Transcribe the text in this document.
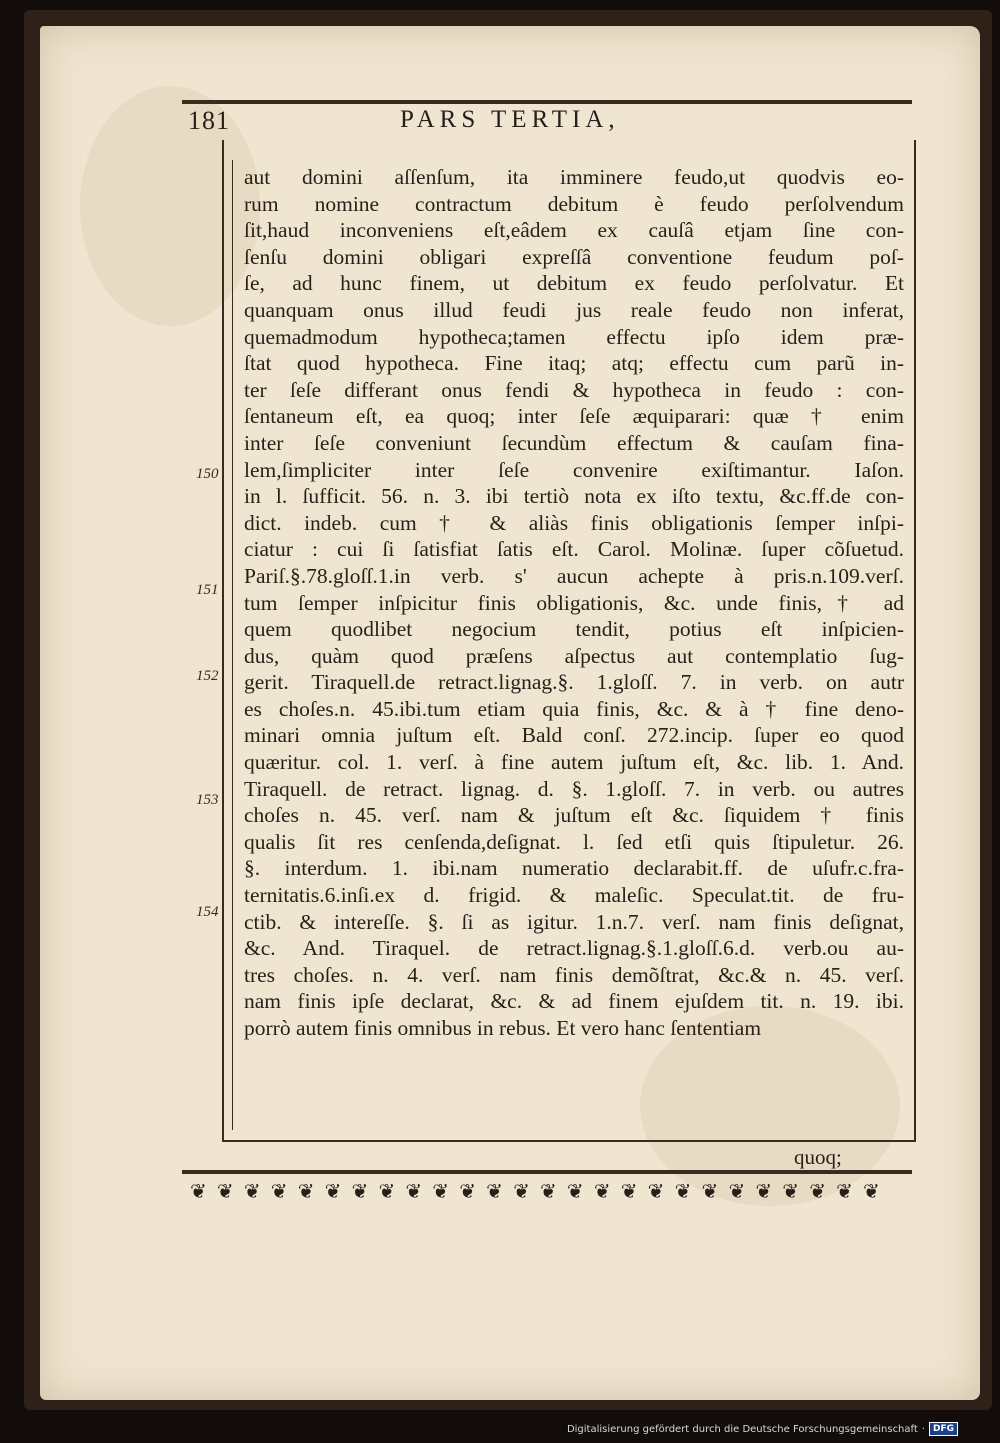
181	PARS TERTIA,
aut domini aſſenſum, ita imminere feudo,ut quodvis eo-
rum nomine contractum debitum è feudo perſolvendum
ſit,haud inconveniens eſt,eâdem ex cauſâ etjam ſine con-
ſenſu domini obligari expreſſâ conventione feudum poſ-
ſe, ad hunc finem, ut debitum ex feudo perſolvatur. Et
quanquam onus illud feudi jus reale feudo non inferat,
quemadmodum hypotheca;tamen effectu ipſo idem præ-
ſtat quod hypotheca. Fine itaq; atq; effectu cum parũ in-
ter ſeſe differant onus fendi & hypotheca in feudo : con-
ſentaneum eſt, ea quoq; inter ſeſe æquiparari: quæ † enim
inter ſeſe conveniunt ſecundùm effectum & cauſam fina-
lem,ſimpliciter inter ſeſe convenire exiſtimantur. Iaſon.
in l. ſufficit. 56. n. 3. ibi tertiò nota ex iſto textu, &c.ff.de con-
dict. indeb. cum † & aliàs finis obligationis ſemper inſpi-
ciatur : cui ſi ſatisfiat ſatis eſt. Carol. Molinæ. ſuper cõſuetud.
Pariſ.§.78.gloſſ.1.in verb. s' aucun achepte à pris.n.109.verſ.
tum ſemper inſpicitur finis obligationis, &c. unde finis,† ad
quem quodlibet negocium tendit, potius eſt inſpicien-
dus, quàm quod præſens aſpectus aut contemplatio ſug-
gerit. Tiraquell.de retract.lignag.§. 1.gloſſ. 7. in verb. on autr
es choſes.n. 45.ibi.tum etiam quia finis, &c. & à † fine deno-
minari omnia juſtum eſt. Bald conſ. 272.incip. ſuper eo quod
quæritur. col. 1. verſ. à fine autem juſtum eſt, &c. lib. 1. And.
Tiraquell. de retract. lignag. d. §. 1.gloſſ. 7. in verb. ou autres
choſes n. 45. verſ. nam & juſtum eſt &c. ſiquidem † finis
qualis ſit res cenſenda,deſignat. l. ſed etſi quis ſtipuletur. 26.
§. interdum. 1. ibi.nam numeratio declarabit.ff. de uſufr.c.fra-
ternitatis.6.inſi.ex d. frigid. & maleſic. Speculat.tit. de fru-
ctib. & intereſſe. §. ſi as igitur. 1.n.7. verſ. nam finis deſignat,
&c. And. Tiraquel. de retract.lignag.§.1.gloſſ.6.d. verb.ou au-
tres choſes. n. 4. verſ. nam finis demõſtrat, &c.& n. 45. verſ.
nam finis ipſe declarat, &c. & ad finem ejuſdem tit. n. 19. ibi.
porrò autem finis omnibus in rebus. Et vero hanc ſententiam
150
151
152
153
154
quoq;
❦ ❦ ❦ ❦ ❦ ❦ ❦ ❦ ❦ ❦ ❦ ❦ ❦ ❦ ❦ ❦ ❦ ❦ ❦ ❦ ❦ ❦ ❦ ❦ ❦ ❦
Digitalisierung gefördert durch die Deutsche Forschungsgemeinschaft · DFG
